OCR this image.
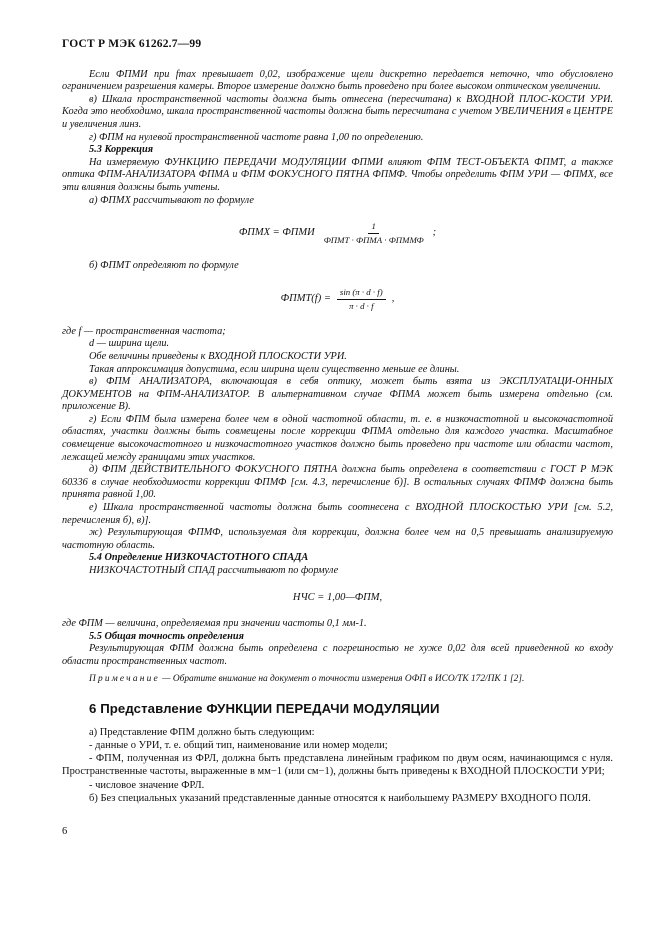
ГОСТ Р МЭК 61262.7—99

Если ФПМИ при fmax превышает 0,02, изображение щели дискретно передается неточно, что обусловлено ограничением разрешения камеры. Второе измерение должно быть проведено при более высоком оптическом увеличении.

в) Шкала пространственной частоты должна быть отнесена (пересчитана) к ВХОДНОЙ ПЛОС-КОСТИ УРИ. Когда это необходимо, шкала пространственной частоты должна быть пересчитана с учетом УВЕЛИЧЕНИЯ в ЦЕНТРЕ и увеличения линз.

г) ФПМ на нулевой пространственной частоте равна 1,00 по определению.

5.3 Коррекция

На измеряемую ФУНКЦИЮ ПЕРЕДАЧИ МОДУЛЯЦИИ ФПМИ влияют ФПМ ТЕСТ-ОБЪЕКТА ФПМТ, а также оптика ФПМ-АНАЛИЗАТОРА ФПМА и ФПМ ФОКУСНОГО ПЯТНА ФПМФ. Чтобы определить ФПМ УРИ — ФПМХ, все эти влияния должны быть учтены.

а) ФПМХ рассчитывают по формуле

ФПМХ = ФПМИ $\frac{1}{\text{ФПМТ · ФПМА · ФПММФ}}$ ;

б) ФПМТ определяют по формуле

ФПМТ(f) = $\frac{\sin (\pi \cdot d \cdot f)}{\pi \cdot d \cdot f}$ ,

где f — пространственная частота;

d — ширина щели.

Обе величины приведены к ВХОДНОЙ ПЛОСКОСТИ УРИ.

Такая аппроксимация допустима, если ширина щели существенно меньше ее длины.

в) ФПМ АНАЛИЗАТОРА, включающая в себя оптику, может быть взята из ЭКСПЛУАТАЦИ-ОННЫХ ДОКУМЕНТОВ на ФПМ-АНАЛИЗАТОР. В альтернативном случае ФПМА может быть измерена отдельно (см. приложение В).

г) Если ФПМ была измерена более чем в одной частотной области, т. е. в низкочастотной и высокочастотной областях, участки должны быть совмещены после коррекции ФПМА отдельно для каждого участка. Масштабное совмещение высокочастотного и низкочастотного участков должно быть проведено при частоте или области частот, лежащей между границами этих участков.

д) ФПМ ДЕЙСТВИТЕЛЬНОГО ФОКУСНОГО ПЯТНА должна быть определена в соответствии с ГОСТ Р МЭК 60336 в случае необходимости коррекции ФПМФ [см. 4.3, перечисление б)]. В остальных случаях ФПМФ должна быть принята равной 1,00.

е) Шкала пространственной частоты должна быть соотнесена с ВХОДНОЙ ПЛОСКОСТЬЮ УРИ [см. 5.2, перечисления б), в)].

ж) Результирующая ФПМФ, используемая для коррекции, должна более чем на 0,5 превышать анализируемую частотную область.

5.4 Определение НИЗКОЧАСТОТНОГО СПАДА

НИЗКОЧАСТОТНЫЙ СПАД рассчитывают по формуле

НЧС = 1,00—ФПМ,

где ФПМ — величина, определяемая при значении частоты 0,1 мм-1.

5.5 Общая точность определения

Результирующая ФПМ должна быть определена с погрешностью не хуже 0,02 для всей приведенной ко входу области пространственных частот.

Примечание — Обратите внимание на документ о точности измерения ОФП в ИСО/ТК 172/ПК 1 [2].

6 Представление ФУНКЦИИ ПЕРЕДАЧИ МОДУЛЯЦИИ

а) Представление ФПМ должно быть следующим:

- данные о УРИ, т. е. общий тип, наименование или номер модели;

- ФПМ, полученная из ФРЛ, должна быть представлена линейным графиком по двум осям, начинающимся с нуля. Пространственные частоты, выраженные в мм−1 (или см−1), должны быть приведены к ВХОДНОЙ ПЛОСКОСТИ УРИ;

- числовое значение ФРЛ.

б) Без специальных указаний представленные данные относятся к наибольшему РАЗМЕРУ ВХОДНОГО ПОЛЯ.

6
